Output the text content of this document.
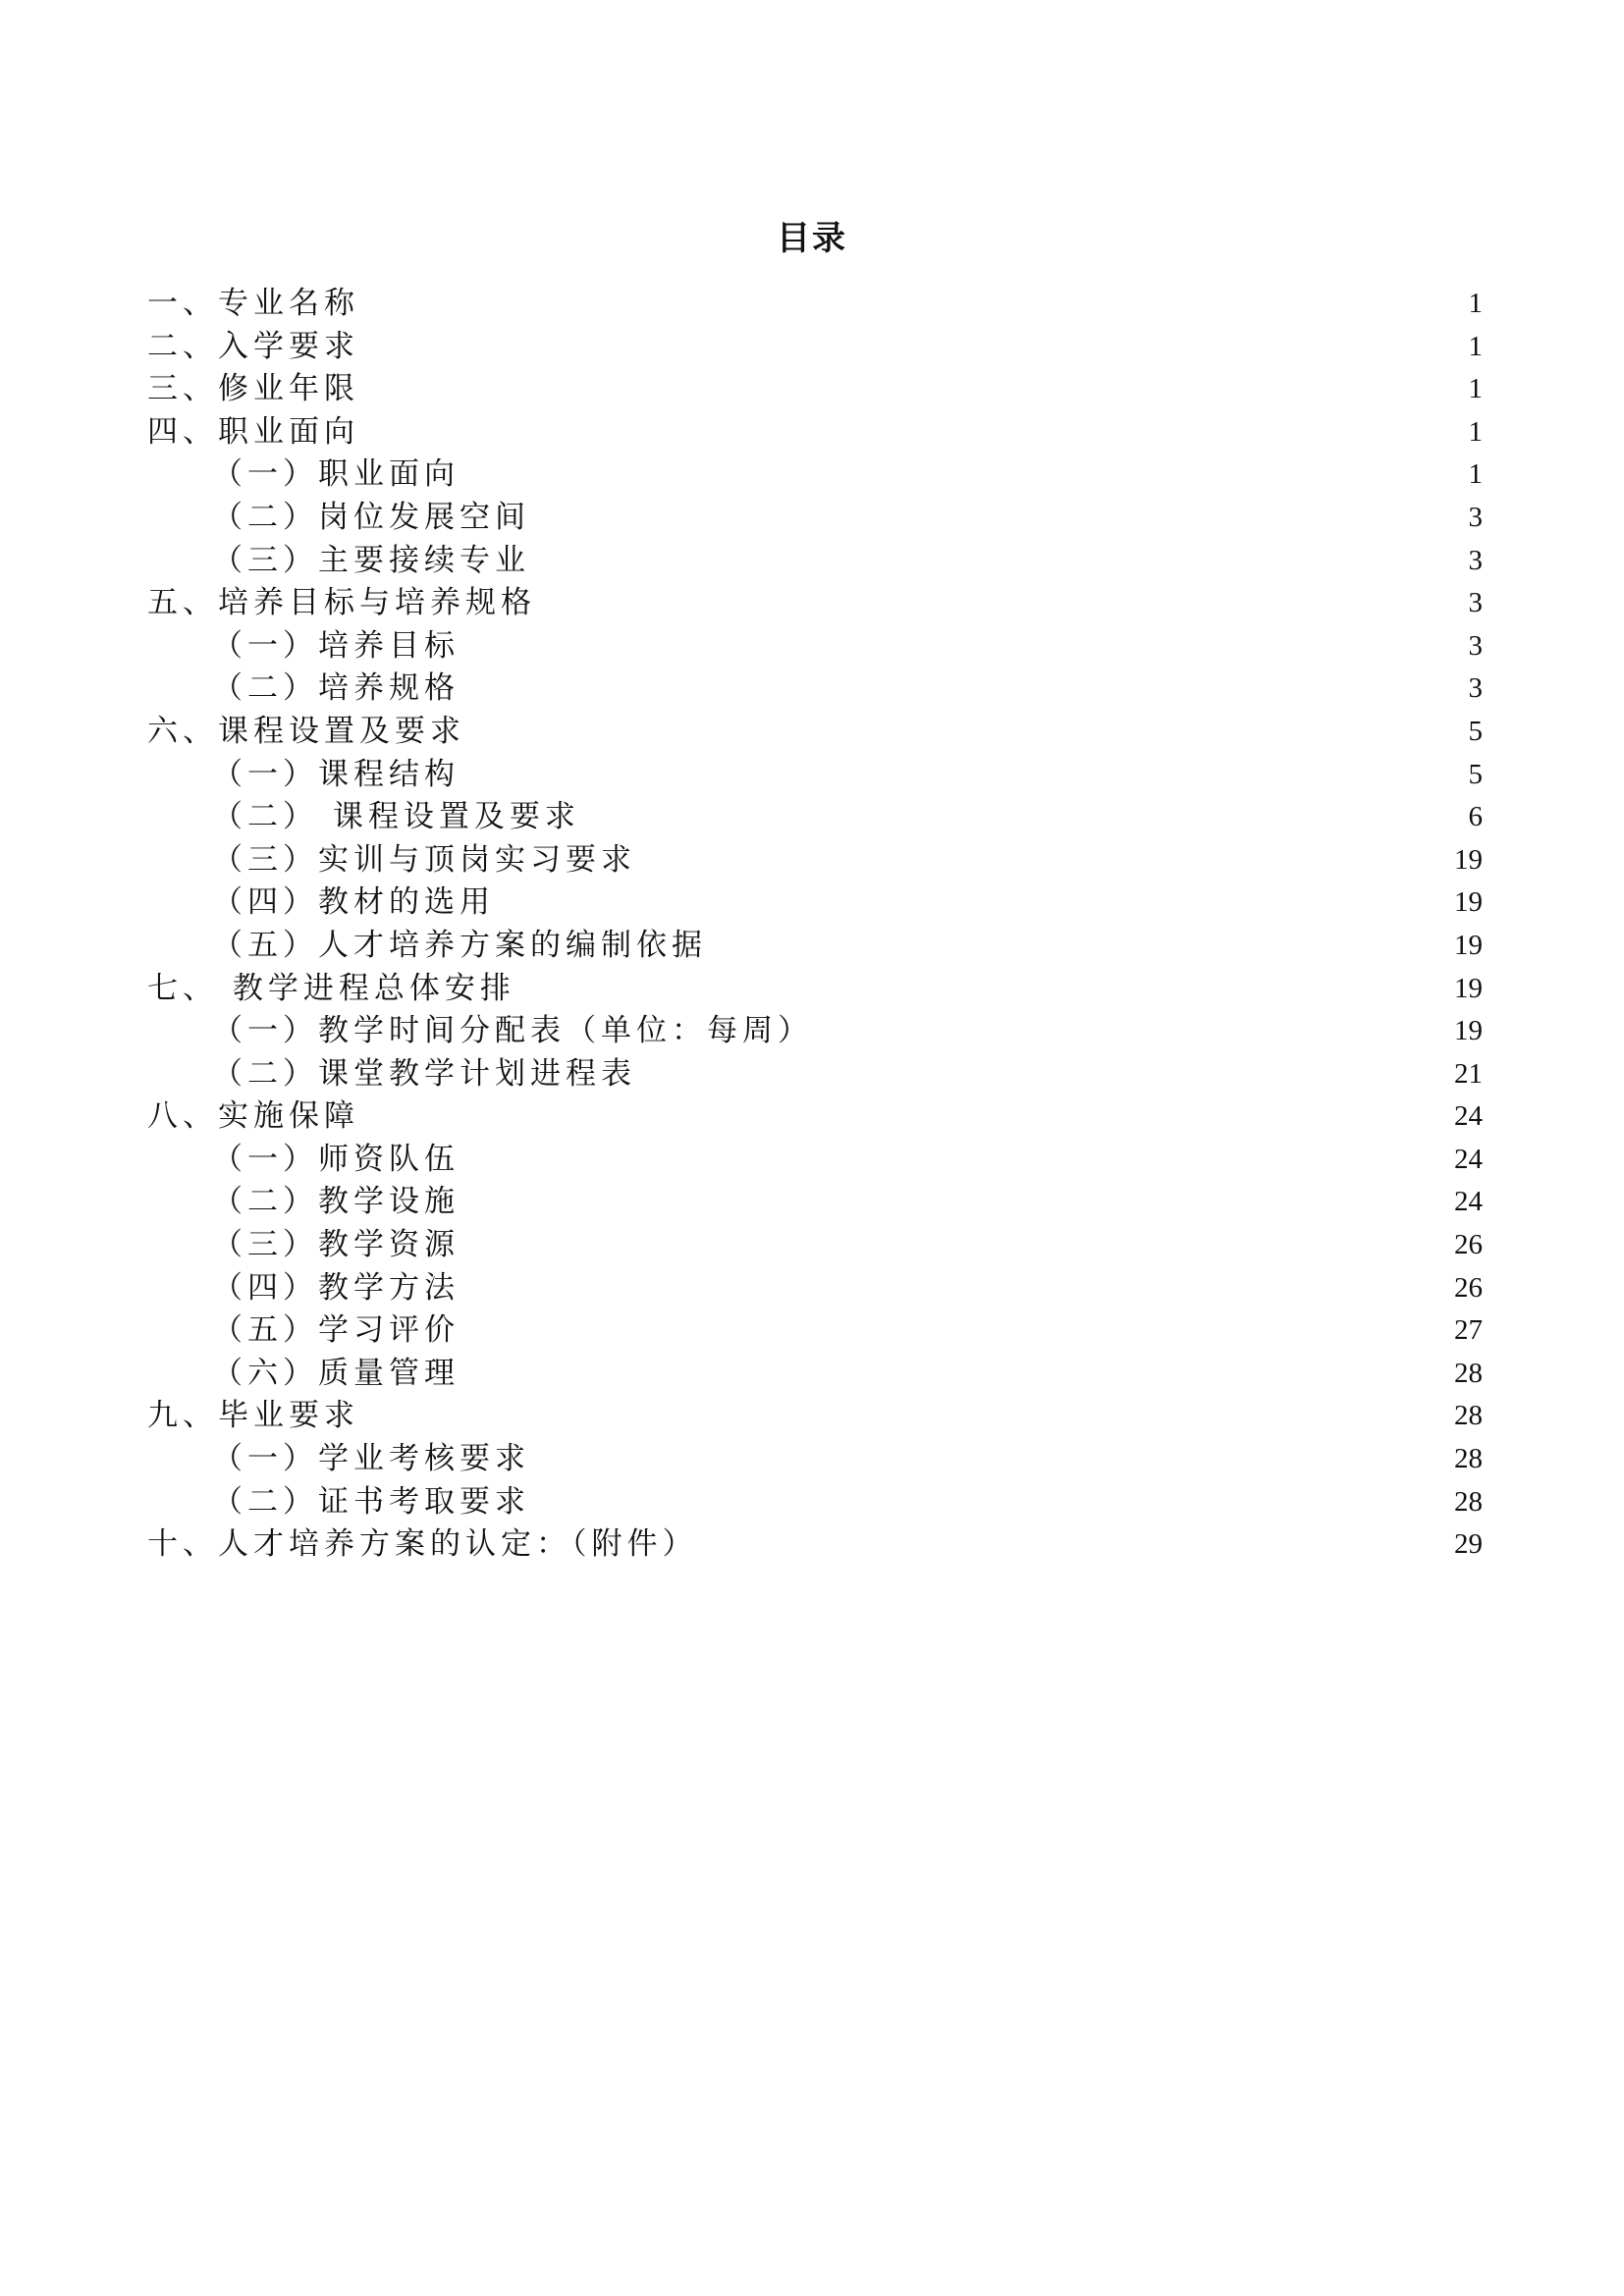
目录
一、专业名称	1
二、入学要求	1
三、修业年限	1
四、职业面向	1
（一）职业面向	1
（二）岗位发展空间	3
（三）主要接续专业	3
五、培养目标与培养规格	3
（一）培养目标	3
（二）培养规格	3
六、课程设置及要求	5
（一）课程结构	5
（二） 课程设置及要求	6
（三）实训与顶岗实习要求	19
（四）教材的选用	19
（五）人才培养方案的编制依据	19
七、 教学进程总体安排	19
（一）教学时间分配表（单位：每周）	19
（二）课堂教学计划进程表	21
八、实施保障	24
（一）师资队伍	24
（二）教学设施	24
（三）教学资源	26
（四）教学方法	26
（五）学习评价	27
（六）质量管理	28
九、毕业要求	28
（一）学业考核要求	28
（二）证书考取要求	28
十、人才培养方案的认定：（附件）	29
